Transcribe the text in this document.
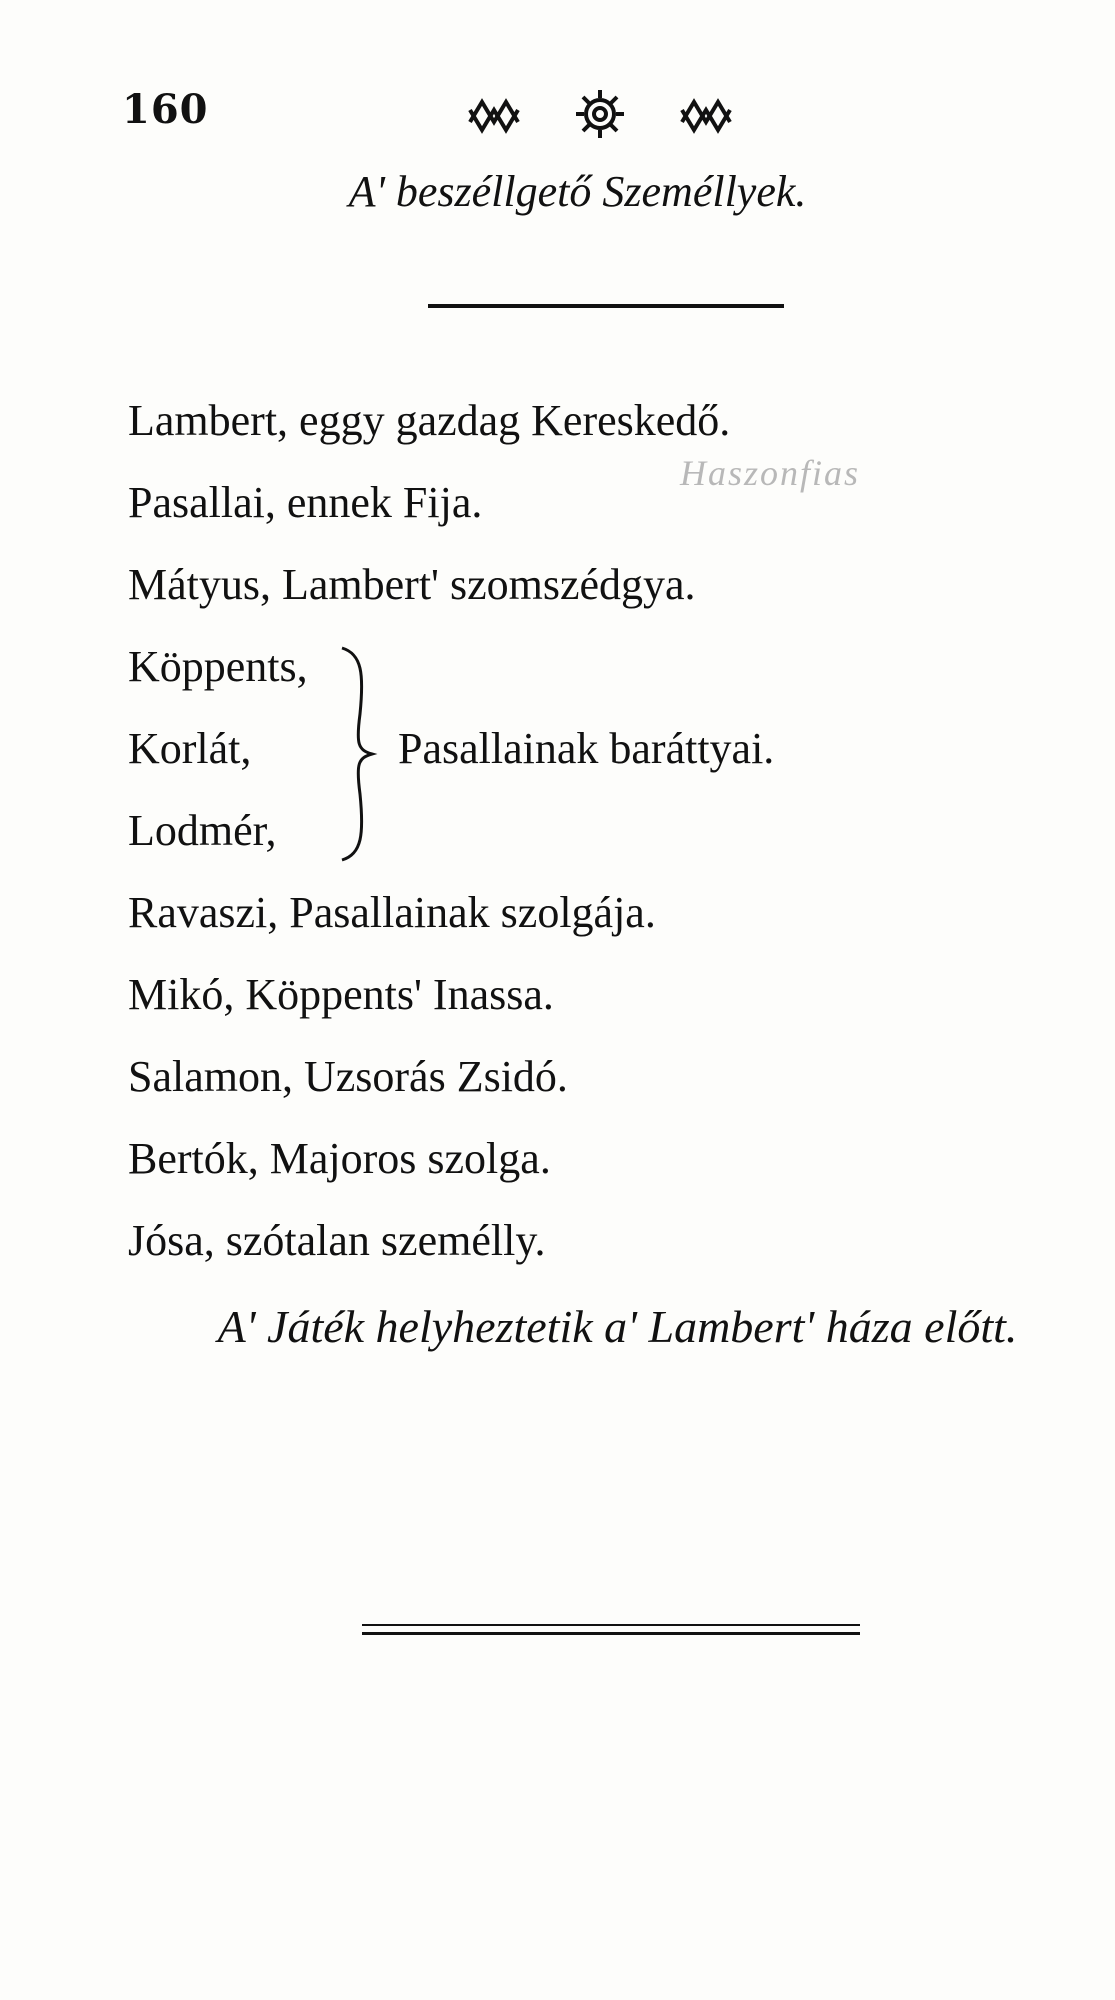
160
A' beszéllgető Személlyek.
Haszonfias
Lambert, eggy gazdag Kereskedő.
Pasallai, ennek Fija.
Mátyus, Lambert' szomszédgya.
Köppents,
Korlát,
Lodmér,
Pasallainak baráttyai.
Ravaszi, Pasallainak szolgája.
Mikó, Köppents' Inassa.
Salamon, Uzsorás Zsidó.
Bertók, Majoros szolga.
Jósa, szótalan személly.
A' Játék helyheztetik a' Lambert' háza előtt.
